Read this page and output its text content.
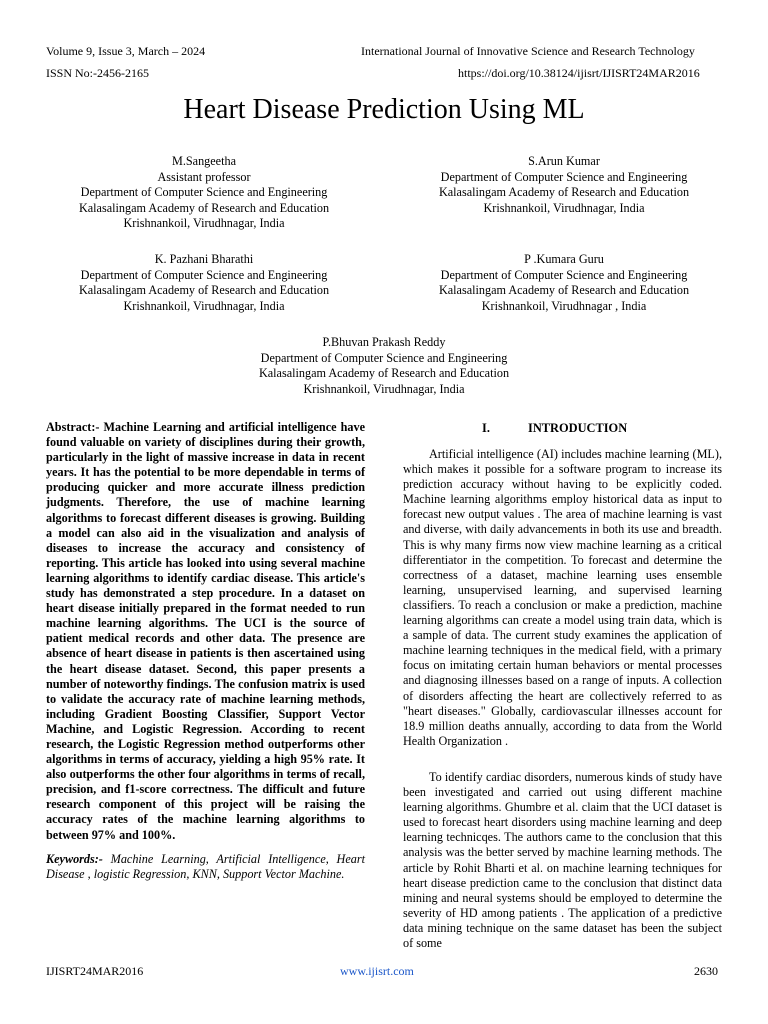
Volume 9, Issue 3, March – 2024	International Journal of Innovative Science and Research Technology
ISSN No:-2456-2165	https://doi.org/10.38124/ijisrt/IJISRT24MAR2016
Heart Disease Prediction Using ML
M.Sangeetha
Assistant professor
Department of Computer Science and Engineering
Kalasalingam Academy of Research and Education
Krishnankoil, Virudhnagar, India
S.Arun Kumar
Department of Computer Science and Engineering
Kalasalingam Academy of Research and Education
Krishnankoil, Virudhnagar, India
K. Pazhani Bharathi
Department of Computer Science and Engineering
Kalasalingam Academy of Research and Education
Krishnankoil, Virudhnagar, India
P .Kumara Guru
Department of Computer Science and Engineering
Kalasalingam Academy of Research and Education
Krishnankoil, Virudhnagar , India
P.Bhuvan Prakash Reddy
Department of Computer Science and Engineering
Kalasalingam Academy of Research and Education
Krishnankoil, Virudhnagar, India
Abstract:- Machine Learning and artificial intelligence have found valuable on variety of disciplines during their growth, particularly in the light of massive increase in data in recent years. It has the potential to be more dependable in terms of producing quicker and more accurate illness prediction judgments. Therefore, the use of machine learning algorithms to forecast different diseases is growing. Building a model can also aid in the visualization and analysis of diseases to increase the accuracy and consistency of reporting. This article has looked into using several machine learning algorithms to identify cardiac disease. This article's study has demonstrated a step procedure. In a dataset on heart disease initially prepared in the format needed to run machine learning algorithms. The UCI is the source of patient medical records and other data. The presence are absence of heart disease in patients is then ascertained using the heart disease dataset. Second, this paper presents a number of noteworthy findings. The confusion matrix is used to validate the accuracy rate of machine learning methods, including Gradient Boosting Classifier, Support Vector Machine, and Logistic Regression. According to recent research, the Logistic Regression method outperforms other algorithms in terms of accuracy, yielding a high 95% rate. It also outperforms the other four algorithms in terms of recall, precision, and f1-score correctness. The difficult and future research component of this project will be raising the accuracy rates of the machine learning algorithms to between 97% and 100%.
Keywords:- Machine Learning, Artificial Intelligence, Heart Disease , logistic Regression, KNN, Support Vector Machine.
I.	INTRODUCTION
Artificial intelligence (AI) includes machine learning (ML), which makes it possible for a software program to increase its prediction accuracy without having to be explicitly coded. Machine learning algorithms employ historical data as input to forecast new output values . The area of machine learning is vast and diverse, with daily advancements in both its use and breadth. This is why many firms now view machine learning as a critical differentiator in the competition. To forecast and determine the correctness of a dataset, machine learning uses ensemble learning, unsupervised learning, and supervised learning classifiers. To reach a conclusion or make a prediction, machine learning algorithms can create a model using train data, which is a sample of data. The current study examines the application of machine learning techniques in the medical field, with a primary focus on imitating certain human behaviors or mental processes and diagnosing illnesses based on a range of inputs. A collection of disorders affecting the heart are collectively referred to as "heart diseases." Globally, cardiovascular illnesses account for 18.9 million deaths annually, according to data from the World Health Organization .
To identify cardiac disorders, numerous kinds of study have been investigated and carried out using different machine learning algorithms. Ghumbre et al. claim that the UCI dataset is used to forecast heart disorders using machine learning and deep learning technicqes. The authors came to the conclusion that this analysis was the better served by machine learning methods. The article by Rohit Bharti et al. on machine learning techniques for heart disease prediction came to the conclusion that distinct data mining and neural systems should be employed to determine the severity of HD among patients . The application of a predictive data mining technique on the same dataset has been the subject of some
IJISRT24MAR2016	www.ijisrt.com	2630
